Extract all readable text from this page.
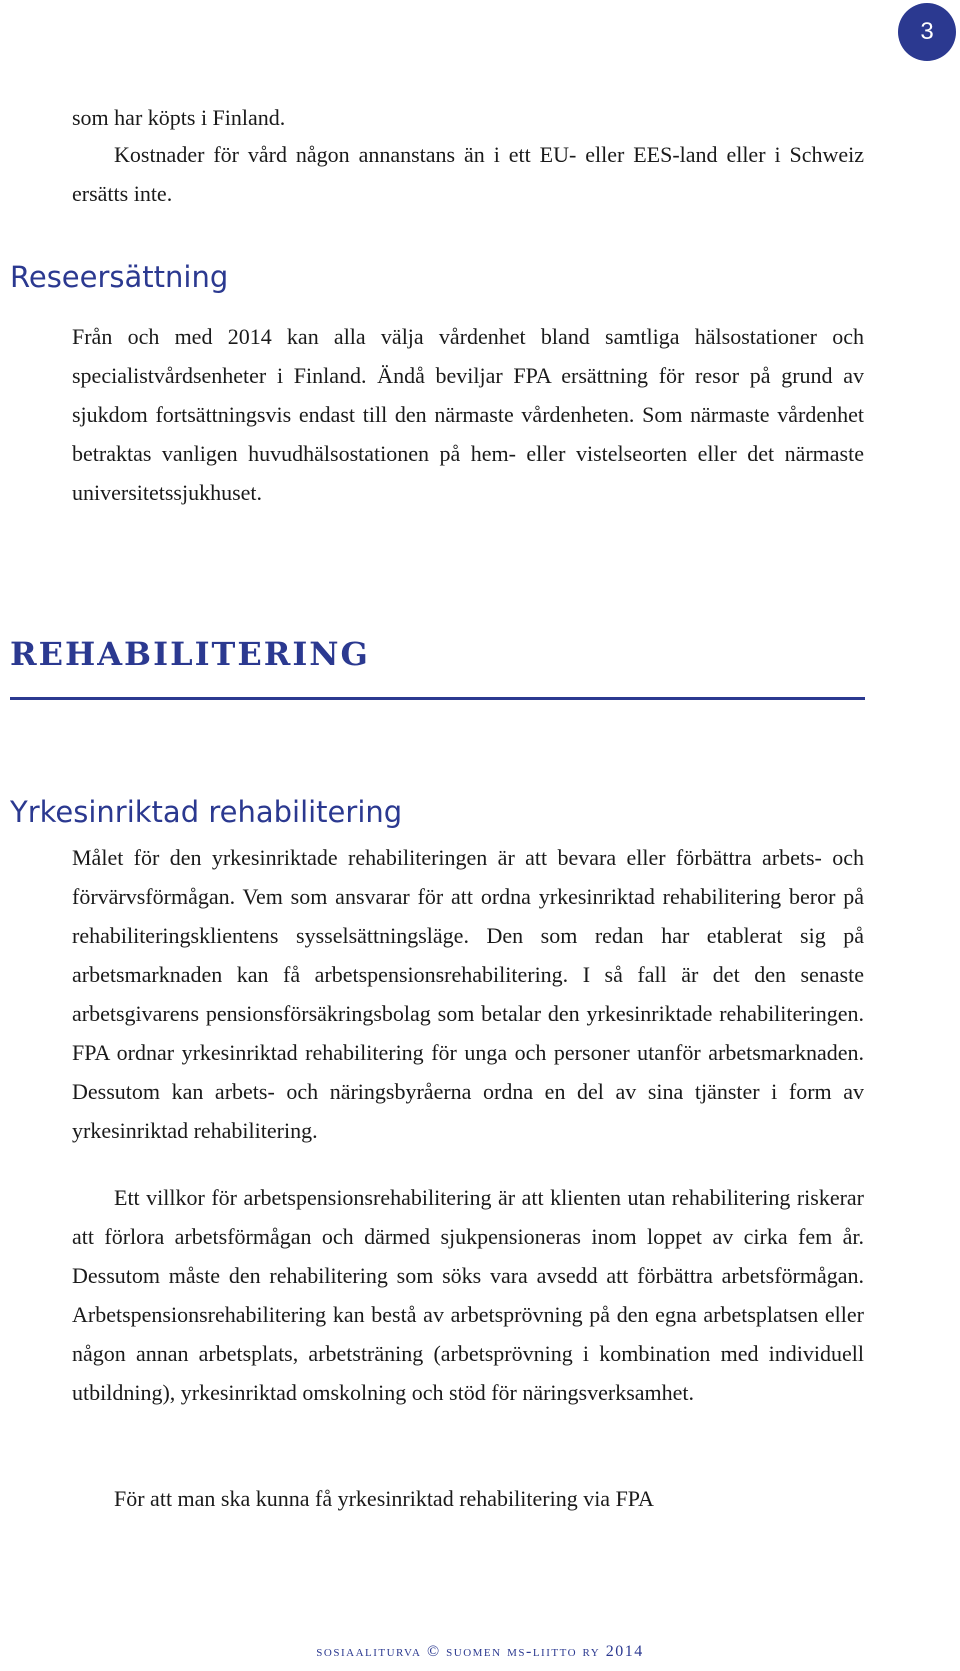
3

som har köpts i Finland.

Kostnader för vård någon annanstans än i ett EU- eller EES-land eller i Schweiz ersätts inte.

Reseersättning

Från och med 2014 kan alla välja vårdenhet bland samtliga hälsostationer och specialistvårdsenheter i Finland. Ändå beviljar FPA ersättning för resor på grund av sjukdom fortsättningsvis endast till den närmaste vårdenheten. Som närmaste vårdenhet betraktas vanligen huvudhälsostationen på hem- eller vistelseorten eller det närmaste universitetssjukhuset.

REHABILITERING
Yrkesinriktad rehabilitering

Målet för den yrkesinriktade rehabiliteringen är att bevara eller förbättra arbets- och förvärvsförmågan. Vem som ansvarar för att ordna yrkesinriktad rehabilitering beror på rehabiliteringsklientens sysselsättningsläge. Den som redan har etablerat sig på arbetsmarknaden kan få arbetspensionsrehabilitering. I så fall är det den senaste arbetsgivarens pensionsförsäkringsbolag som betalar den yrkesinriktade rehabiliteringen. FPA ordnar yrkesinriktad rehabilitering för unga och personer utanför arbetsmarknaden. Dessutom kan arbets- och näringsbyråerna ordna en del av sina tjänster i form av yrkesinriktad rehabilitering.

Ett villkor för arbetspensionsrehabilitering är att klienten utan rehabilitering riskerar att förlora arbetsförmågan och därmed sjukpensioneras inom loppet av cirka fem år. Dessutom måste den rehabilitering som söks vara avsedd att förbättra arbetsförmågan. Arbetspensionsrehabilitering kan bestå av arbetsprövning på den egna arbetsplatsen eller någon annan arbetsplats, arbetsträning (arbetsprövning i kombination med individuell utbildning), yrkesinriktad omskolning och stöd för näringsverksamhet.

För att man ska kunna få yrkesinriktad rehabilitering via FPA

sosiaaliturva © suomen ms-liitto ry 2014
